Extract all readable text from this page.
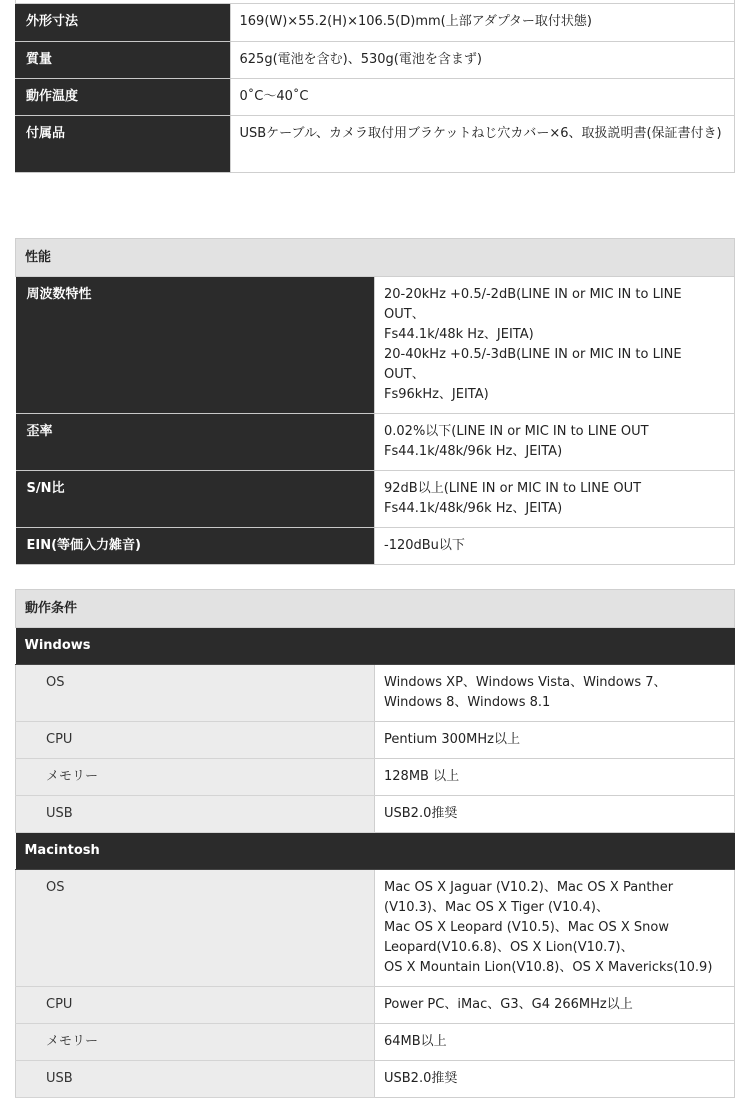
外形寸法	169(W)×55.2(H)×106.5(D)mm(上部アダプター取付状態)
質量	625g(電池を含む)、530g(電池を含まず)
動作温度	0˚C〜40˚C
付属品	USBケーブル、カメラ取付用ブラケットねじ穴カバー×6、取扱説明書(保証書付き)
性能	
周波数特性	20-20kHz +0.5/-2dB(LINE IN or MIC IN to LINE OUT、
Fs44.1k/48k Hz、JEITA)
20-40kHz +0.5/-3dB(LINE IN or MIC IN to LINE OUT、
Fs96kHz、JEITA)

歪率	0.02%以下(LINE IN or MIC IN to LINE OUT
Fs44.1k/48k/96k Hz、JEITA)

S/N比	92dB以上(LINE IN or MIC IN to LINE OUT
Fs44.1k/48k/96k Hz、JEITA)

EIN(等価入力雑音)	-120dBu以下
動作条件	
Windows	
OS	Windows XP、Windows Vista、Windows 7、
Windows 8、Windows 8.1

CPU	Pentium 300MHz以上

メモリー	128MB 以上

USB	USB2.0推奨

Macintosh	
OS	Mac OS X Jaguar (V10.2)、Mac OS X Panther
(V10.3)、Mac OS X Tiger (V10.4)、
Mac OS X Leopard (V10.5)、Mac OS X Snow
Leopard(V10.6.8)、OS X Lion(V10.7)、
OS X Mountain Lion(V10.8)、OS X Mavericks(10.9)

CPU	Power PC、iMac、G3、G4 266MHz以上

メモリー	64MB以上

USB	USB2.0推奨
